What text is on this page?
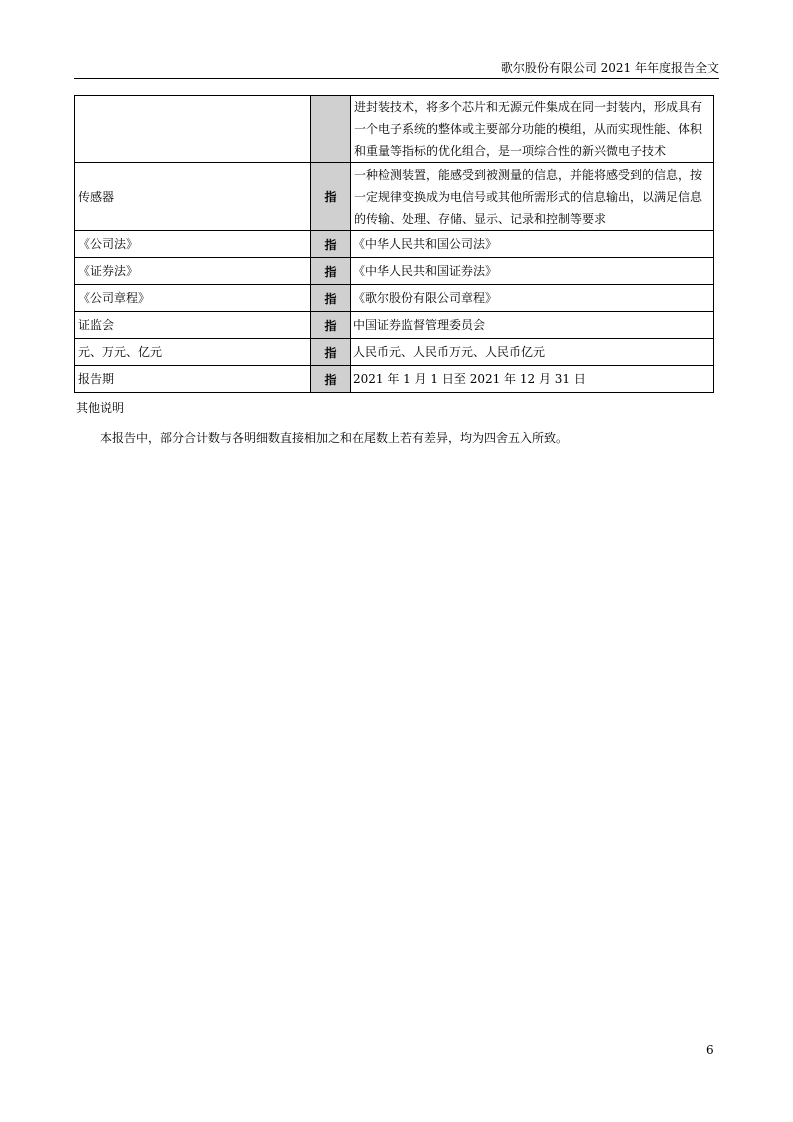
歌尔股份有限公司 2021 年年度报告全文
		进封装技术，将多个芯片和无源元件集成在同一封装内，形成具有一个电子系统的整体或主要部分功能的模组，从而实现性能、体积和重量等指标的优化组合，是一项综合性的新兴微电子技术
传感器	指	一种检测装置，能感受到被测量的信息，并能将感受到的信息，按一定规律变换成为电信号或其他所需形式的信息输出，以满足信息的传输、处理、存储、显示、记录和控制等要求
《公司法》	指	《中华人民共和国公司法》
《证券法》	指	《中华人民共和国证券法》
《公司章程》	指	《歌尔股份有限公司章程》
证监会	指	中国证券监督管理委员会
元、万元、亿元	指	人民币元、人民币万元、人民币亿元
报告期	指	2021 年 1 月 1 日至 2021 年 12 月 31 日
其他说明
本报告中，部分合计数与各明细数直接相加之和在尾数上若有差异，均为四舍五入所致。
6
